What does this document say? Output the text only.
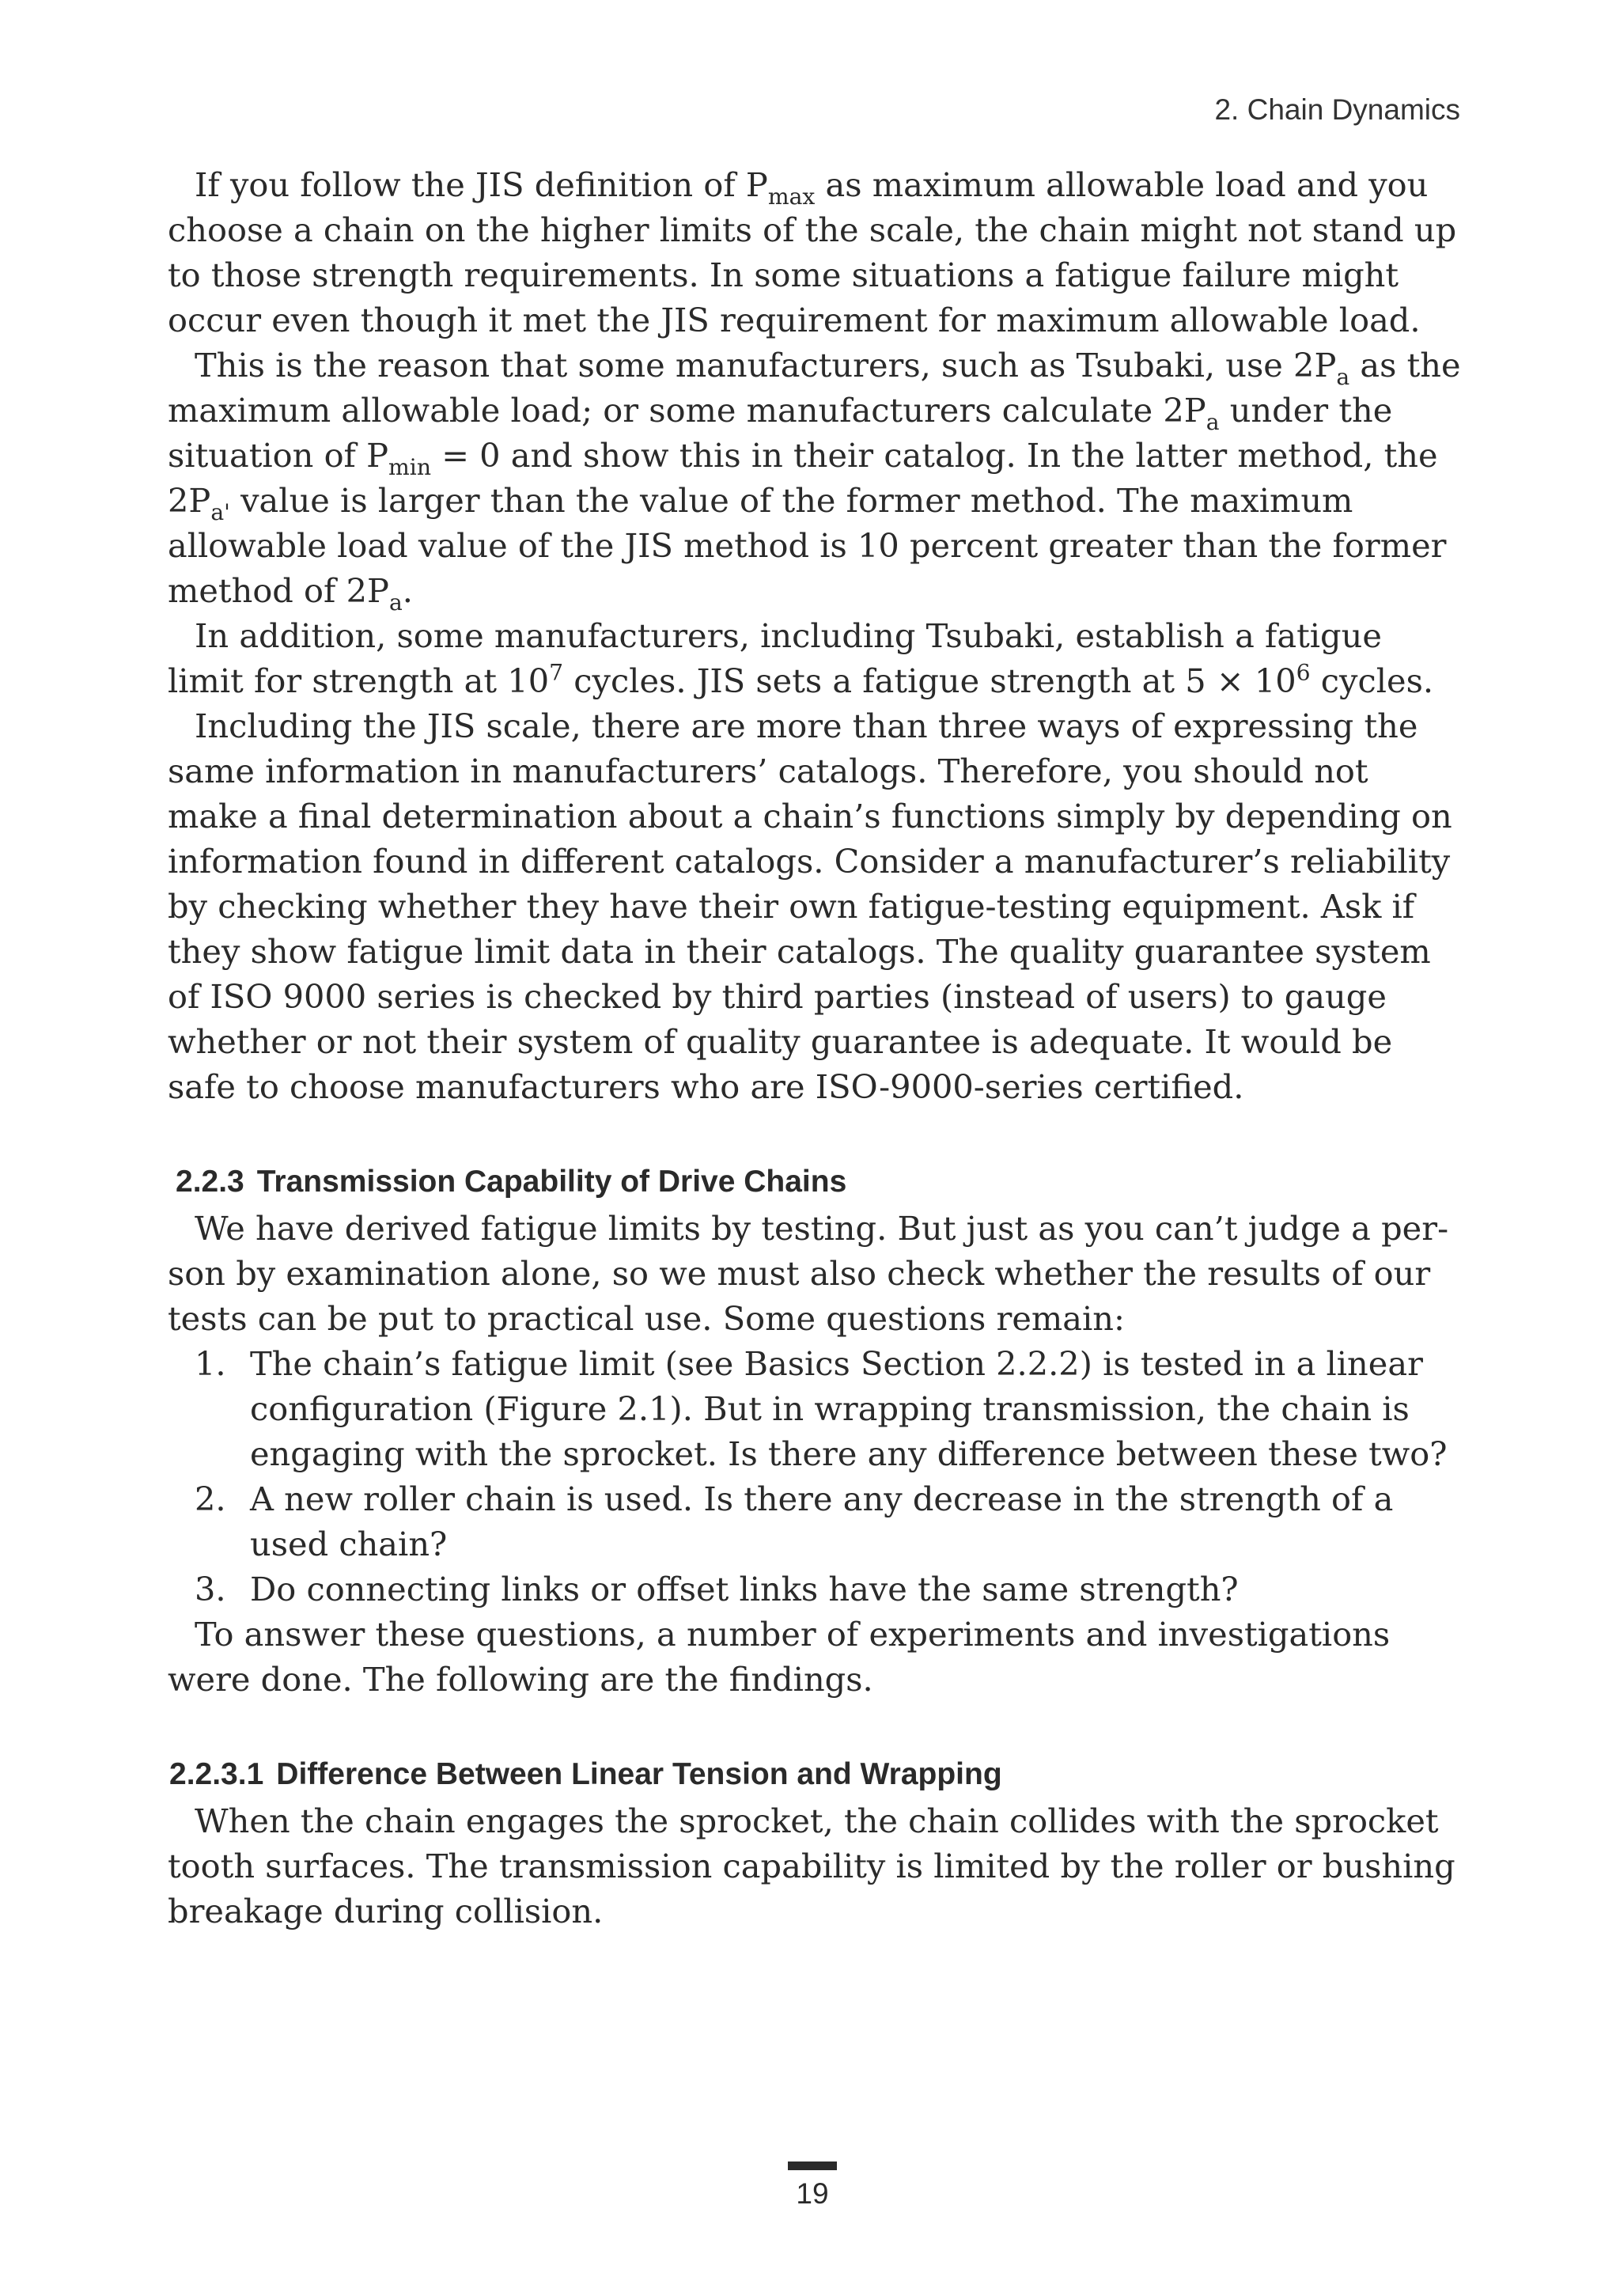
2. Chain Dynamics

If you follow the JIS definition of $P_{max}$ as maximum allowable load and you choose a chain on the higher limits of the scale, the chain might not stand up to those strength requirements. In some situations a fatigue failure might occur even though it met the JIS requirement for maximum allowable load.

This is the reason that some manufacturers, such as Tsubaki, use $2P_a$ as the maximum allowable load; or some manufacturers calculate $2P_a$ under the situation of $P_{min} = 0$ and show this in their catalog. In the latter method, the $2P_{a'}$ value is larger than the value of the former method. The maximum allowable load value of the JIS method is 10 percent greater than the former method of $2P_a$.

In addition, some manufacturers, including Tsubaki, establish a fatigue limit for strength at $10^7$ cycles. JIS sets a fatigue strength at $5 \times 10^6$ cycles.

Including the JIS scale, there are more than three ways of expressing the same information in manufacturers’ catalogs. Therefore, you should not make a final determination about a chain’s functions simply by depending on information found in different catalogs. Consider a manufacturer’s reliability by checking whether they have their own fatigue-testing equipment. Ask if they show fatigue limit data in their catalogs. The quality guarantee system of ISO 9000 series is checked by third parties (instead of users) to gauge whether or not their system of quality guarantee is adequate. It would be safe to choose manufacturers who are ISO-9000-series certified.

2.2.3 Transmission Capability of Drive Chains

We have derived fatigue limits by testing. But just as you can’t judge a person by examination alone, so we must also check whether the results of our tests can be put to practical use. Some questions remain:

1. The chain’s fatigue limit (see Basics Section 2.2.2) is tested in a linear configuration (Figure 2.1). But in wrapping transmission, the chain is engaging with the sprocket. Is there any difference between these two?
2. A new roller chain is used. Is there any decrease in the strength of a used chain?
3. Do connecting links or offset links have the same strength?

To answer these questions, a number of experiments and investigations were done. The following are the findings.

2.2.3.1 Difference Between Linear Tension and Wrapping

When the chain engages the sprocket, the chain collides with the sprocket tooth surfaces. The transmission capability is limited by the roller or bushing breakage during collision.

19
